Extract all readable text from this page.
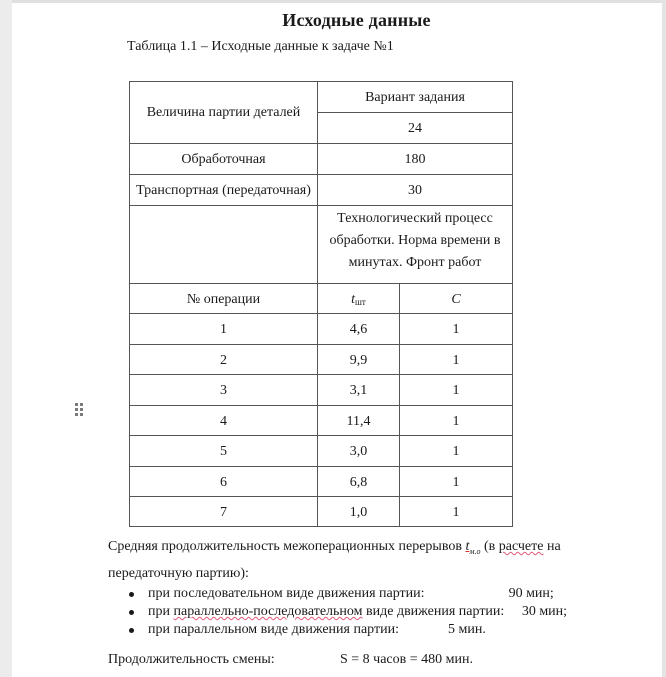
Исходные данные
Таблица 1.1 – Исходные данные к задаче №1
Величина партии деталей	Вариант задания	
	24	
Обработочная	180	
Транспортная (передаточная)	30	
	Технологический процесс обработки. Норма времени в минутах. Фронт работ	
№ операции	$t_{шт}$	C
1	4,6	1
2	9,9	1
3	3,1	1
4	11,4	1
5	3,0	1
6	6,8	1
7	1,0	1
Средняя продолжительность межоперационных перерывов $t_{м.о}$ (в расчете на передаточную партию):
при последовательном виде движения партии:	90 мин;
при параллельно-последовательном виде движения партии: 30 мин;
при параллельном виде движения партии:	5 мин.
Продолжительность смены:	S = 8 часов = 480 мин.
